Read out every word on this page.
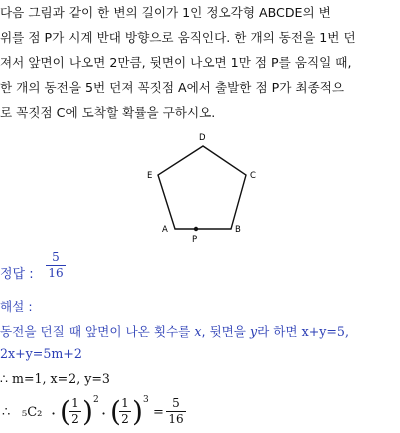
다음 그림과 같이 한 변의 길이가 1인 정오각형 ABCDE의 변
위를 점 P가 시계 반대 방향으로 움직인다. 한 개의 동전을 1번 던
져서 앞면이 나오면 2만큼, 뒷면이 나오면 1만 점 P를 움직일 때,
한 개의 동전을 5번 던져 꼭짓점 A에서 출발한 점 P가 최종적으
로 꼭짓점 C에 도착할 확률을 구하시오.
D
C
E
A	B
P
정답 :
5
16
해설 :
동전을 던질 때 앞면이 나온 횟수를 x, 뒷면을 y라 하면 x+y=5,
2x+y=5m+2
∴ m=1, x=2, y=3
∴ ₅C₂ · ( 1
2 ) 2
· ( 1
2 ) 3
=
5
16
